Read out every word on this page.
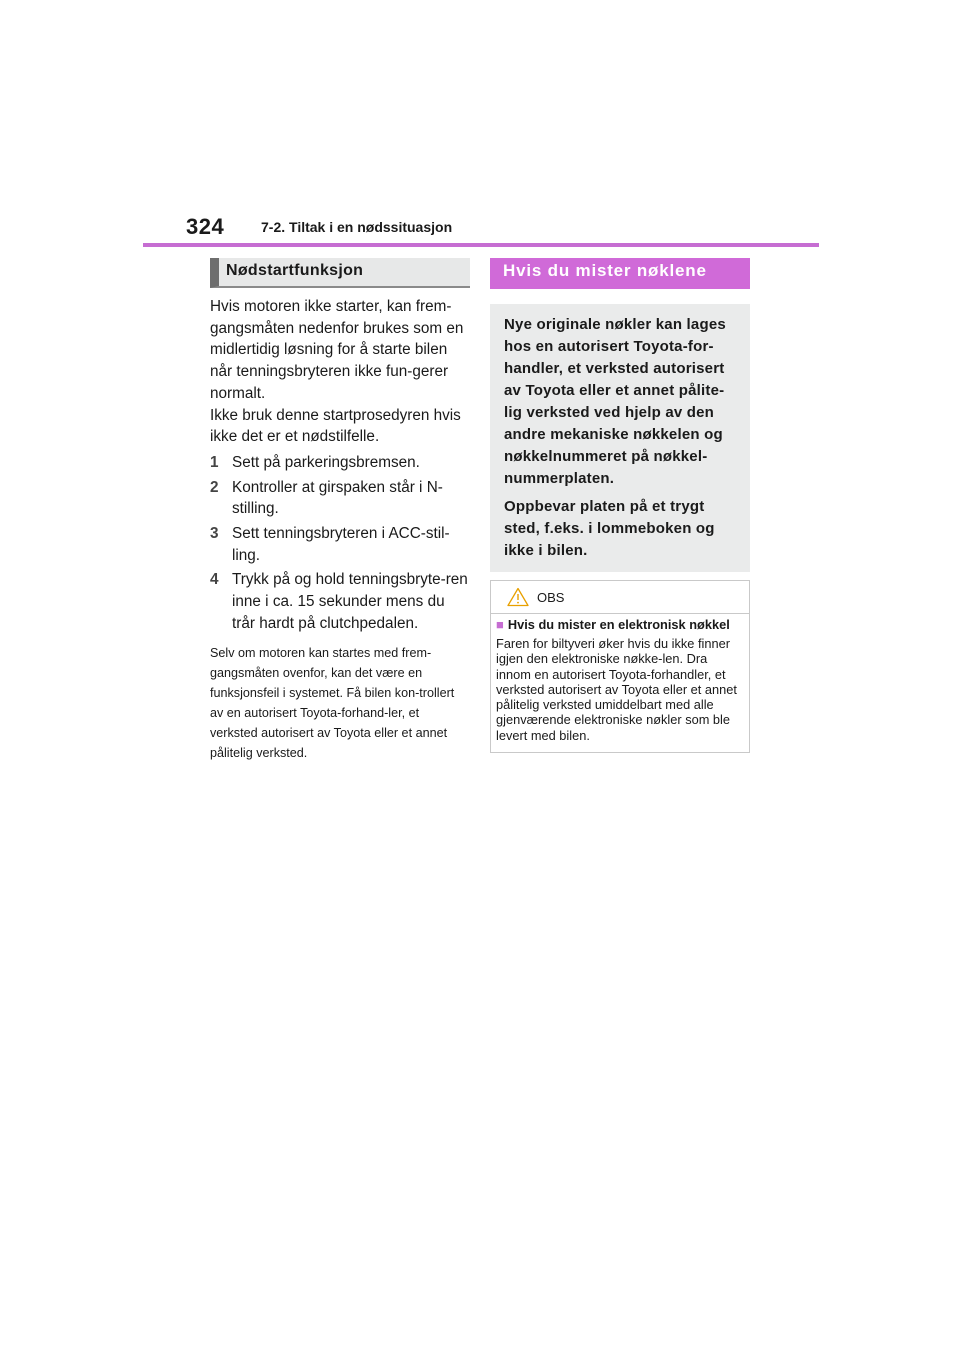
324	7-2. Tiltak i en nødssituasjon
Nødstartfunksjon

Hvis motoren ikke starter, kan frem-gangsmåten nedenfor brukes som en midlertidig løsning for å starte bilen når tenningsbryteren ikke fun-gerer normalt.

Ikke bruk denne startprosedyren hvis ikke det er et nødstilfelle.

1 Sett på parkeringsbremsen.
2 Kontroller at girspaken står i N-stilling.
3 Sett tenningsbryteren i ACC-stil-ling.
4 Trykk på og hold tenningsbryte-ren inne i ca. 15 sekunder mens du trår hardt på clutchpedalen.

Selv om motoren kan startes med frem-gangsmåten ovenfor, kan det være en funksjonsfeil i systemet. Få bilen kon-trollert av en autorisert Toyota-forhand-ler, et verksted autorisert av Toyota eller et annet pålitelig verksted.

Hvis du mister nøklene

Nye originale nøkler kan lages hos en autorisert Toyota-for-handler, et verksted autorisert av Toyota eller et annet pålite-lig verksted ved hjelp av den andre mekaniske nøkkelen og nøkkelnummeret på nøkkel-nummerplaten.

Oppbevar platen på et trygt sted, f.eks. i lommeboken og ikke i bilen.

OBS
■ Hvis du mister en elektronisk nøkkel
Faren for biltyveri øker hvis du ikke finner igjen den elektroniske nøkke-len. Dra innom en autorisert Toyota-forhandler, et verksted autorisert av Toyota eller et annet pålitelig verksted umiddelbart med alle gjenværende elektroniske nøkler som ble levert med bilen.
